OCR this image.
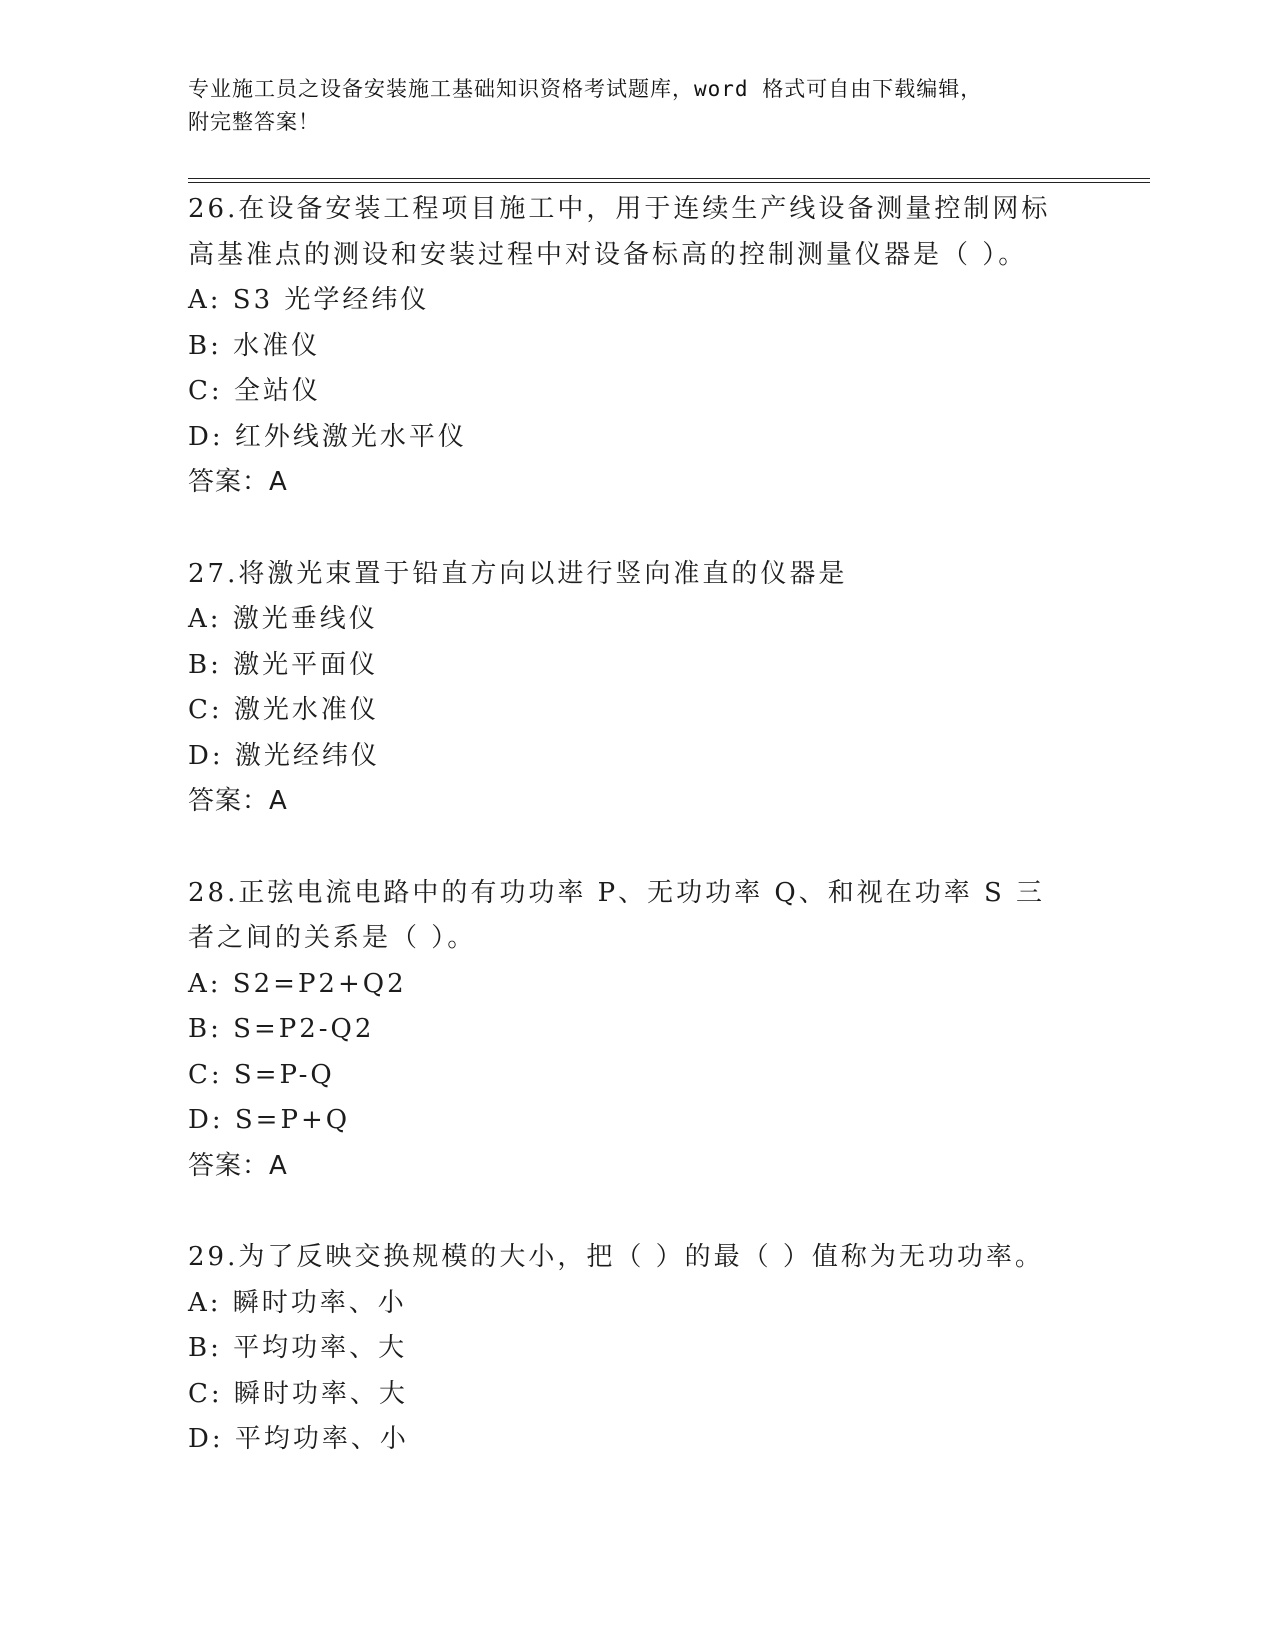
专业施工员之设备安装施工基础知识资格考试题库，word 格式可自由下载编辑，
附完整答案！

26.在设备安装工程项目施工中，用于连续生产线设备测量控制网标高基准点的测设和安装过程中对设备标高的控制测量仪器是（ ）。

A: S3 光学经纬仪

B: 水准仪

C: 全站仪

D: 红外线激光水平仪

答案：A

27.将激光束置于铅直方向以进行竖向准直的仪器是

A: 激光垂线仪

B: 激光平面仪

C: 激光水准仪

D: 激光经纬仪

答案：A

28.正弦电流电路中的有功功率 P、无功功率 Q、和视在功率 S 三者之间的关系是（ ）。

A: S2=P2+Q2

B: S=P2-Q2

C: S=P-Q

D: S=P+Q

答案：A

29.为了反映交换规模的大小，把（ ）的最（ ）值称为无功功率。

A: 瞬时功率、小

B: 平均功率、大

C: 瞬时功率、大

D: 平均功率、小
